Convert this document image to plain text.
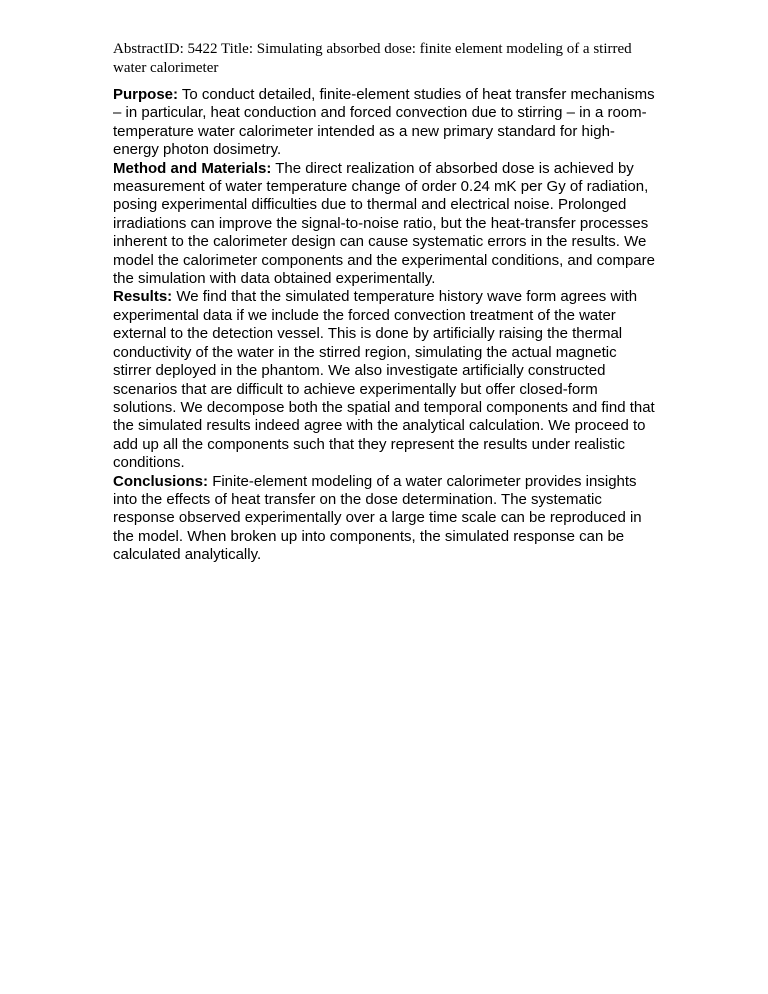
AbstractID: 5422 Title: Simulating absorbed dose: finite element modeling of a stirred water calorimeter

Purpose: To conduct detailed, finite-element studies of heat transfer mechanisms – in particular, heat conduction and forced convection due to stirring – in a room-temperature water calorimeter intended as a new primary standard for high-energy photon dosimetry.

Method and Materials: The direct realization of absorbed dose is achieved by measurement of water temperature change of order 0.24 mK per Gy of radiation, posing experimental difficulties due to thermal and electrical noise. Prolonged irradiations can improve the signal-to-noise ratio, but the heat-transfer processes inherent to the calorimeter design can cause systematic errors in the results. We model the calorimeter components and the experimental conditions, and compare the simulation with data obtained experimentally.

Results: We find that the simulated temperature history wave form agrees with experimental data if we include the forced convection treatment of the water external to the detection vessel. This is done by artificially raising the thermal conductivity of the water in the stirred region, simulating the actual magnetic stirrer deployed in the phantom. We also investigate artificially constructed scenarios that are difficult to achieve experimentally but offer closed-form solutions. We decompose both the spatial and temporal components and find that the simulated results indeed agree with the analytical calculation. We proceed to add up all the components such that they represent the results under realistic conditions.

Conclusions: Finite-element modeling of a water calorimeter provides insights into the effects of heat transfer on the dose determination. The systematic response observed experimentally over a large time scale can be reproduced in the model. When broken up into components, the simulated response can be calculated analytically.
